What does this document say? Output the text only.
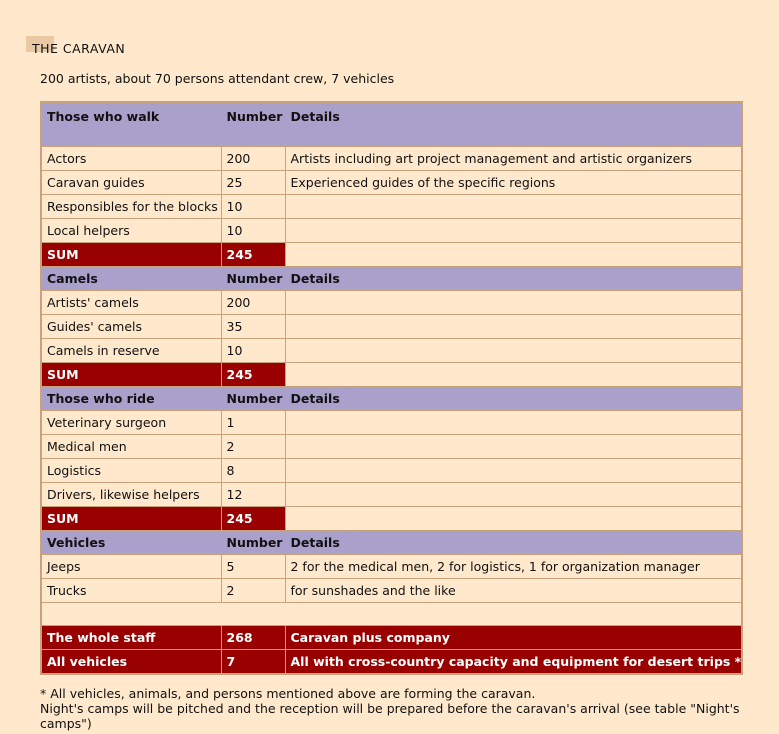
THE CARAVAN
200 artists, about 70 persons attendant crew, 7 vehicles
Those who walk	Number	Details
Actors	200	Artists including art project management and artistic organizers
Caravan guides	25	Experienced guides of the specific regions
Responsibles for the blocks	10	
Local helpers	10	
SUM	245	
Camels	Number	Details
Artists' camels	200	
Guides' camels	35	
Camels in reserve	10	
SUM	245	
Those who ride	Number	Details
Veterinary surgeon	1	
Medical men	2	
Logistics	8	
Drivers, likewise helpers	12	
SUM	245	
Vehicles	Number	Details
Jeeps	5	2 for the medical men, 2 for logistics, 1 for organization manager
Trucks	2	for sunshades and the like

The whole staff	268	Caravan plus company
All vehicles	7	All with cross-country capacity and equipment for desert trips *
* All vehicles, animals, and persons mentioned above are forming the caravan.
Night's camps will be pitched and the reception will be prepared before the caravan's arrival (see table "Night's camps")
